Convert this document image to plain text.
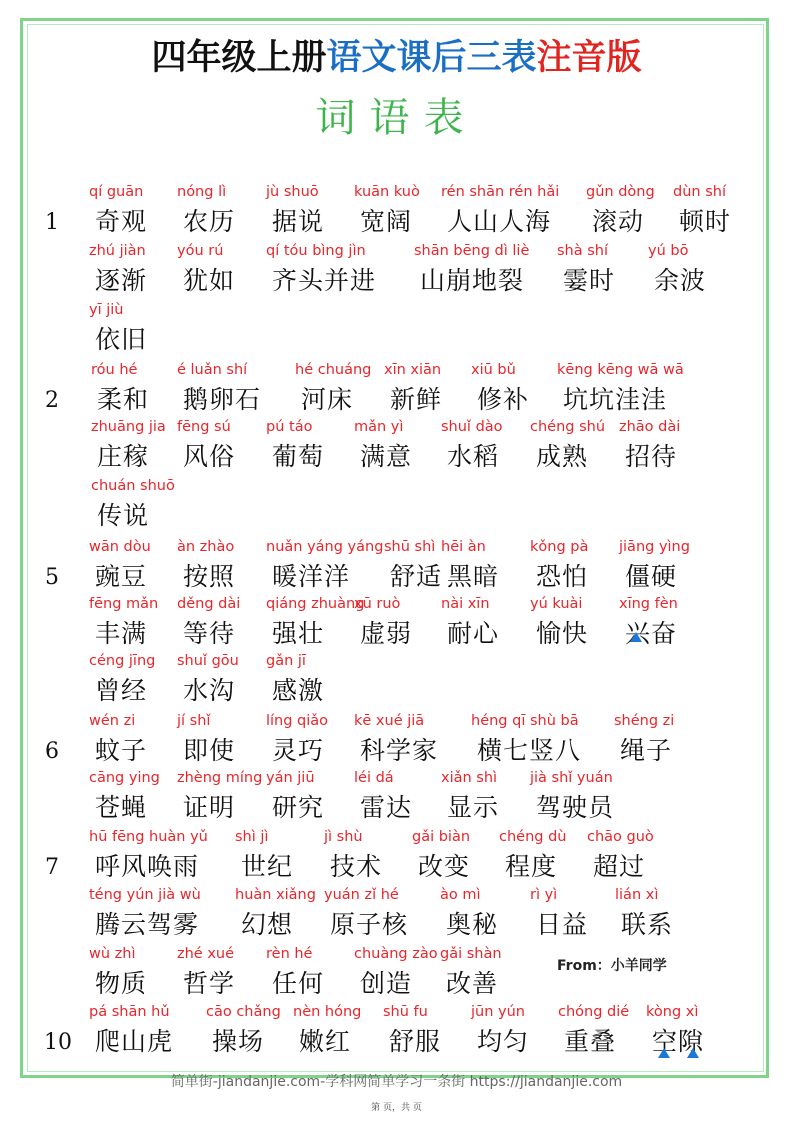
四年级上册语文课后三表注音版
词语表
1
qí guān
奇观
nóng lì
农历
jù shuō
据说
kuān kuò
宽阔
rén shān rén hǎi
人山人海
gǔn dòng
滚动
dùn shí
顿时
zhú jiàn
逐渐
yóu rú
犹如
qí tóu bìng jìn
齐头并进
shān bēng dì liè
山崩地裂
shà shí
霎时
yú bō
余波
yī jiù
依旧
2
róu hé
柔和
é luǎn shí
鹅卵石
hé chuáng
河床
xīn xiān
新鲜
xiū bǔ
修补
kēng kēng wā wā
坑坑洼洼
zhuāng jia
庄稼
fēng sú
风俗
pú táo
葡萄
mǎn yì
满意
shuǐ dào
水稻
chéng shú
成熟
zhāo dài
招待
chuán shuō
传说
5
wān dòu
豌豆
àn zhào
按照
nuǎn yáng yáng
暖洋洋
shū shì
舒适
hēi àn
黑暗
kǒng pà
恐怕
jiāng yìng
僵硬
fēng mǎn
丰满
děng dài
等待
qiáng zhuàng
强壮
xū ruò
虚弱
nài xīn
耐心
yú kuài
愉快
xīng fèn
兴奋
céng jīng
曾经
shuǐ gōu
水沟
gǎn jī
感激
6
wén zi
蚊子
jí shǐ
即使
líng qiǎo
灵巧
kē xué jiā
科学家
héng qī shù bā
横七竖八
shéng zi
绳子
cāng ying
苍蝇
zhèng míng
证明
yán jiū
研究
léi dá
雷达
xiǎn shì
显示
jià shǐ yuán
驾驶员
7
hū fēng huàn yǔ
呼风唤雨
shì jì
世纪
jì shù
技术
gǎi biàn
改变
chéng dù
程度
chāo guò
超过
téng yún jià wù
腾云驾雾
huàn xiǎng
幻想
yuán zǐ hé
原子核
ào mì
奥秘
rì yì
日益
lián xì
联系
wù zhì
物质
zhé xué
哲学
rèn hé
任何
chuàng zào
创造
gǎi shàn
改善
10
pá shān hǔ
爬山虎
cāo chǎng
操场
nèn hóng
嫩红
shū fu
舒服
jūn yún
均匀
chóng dié
重叠
kòng xì
空隙
From：小羊同学
简单街-jiandanjie.com-学科网简单学习一条街 https://jiandanjie.com
第 页，共 页
